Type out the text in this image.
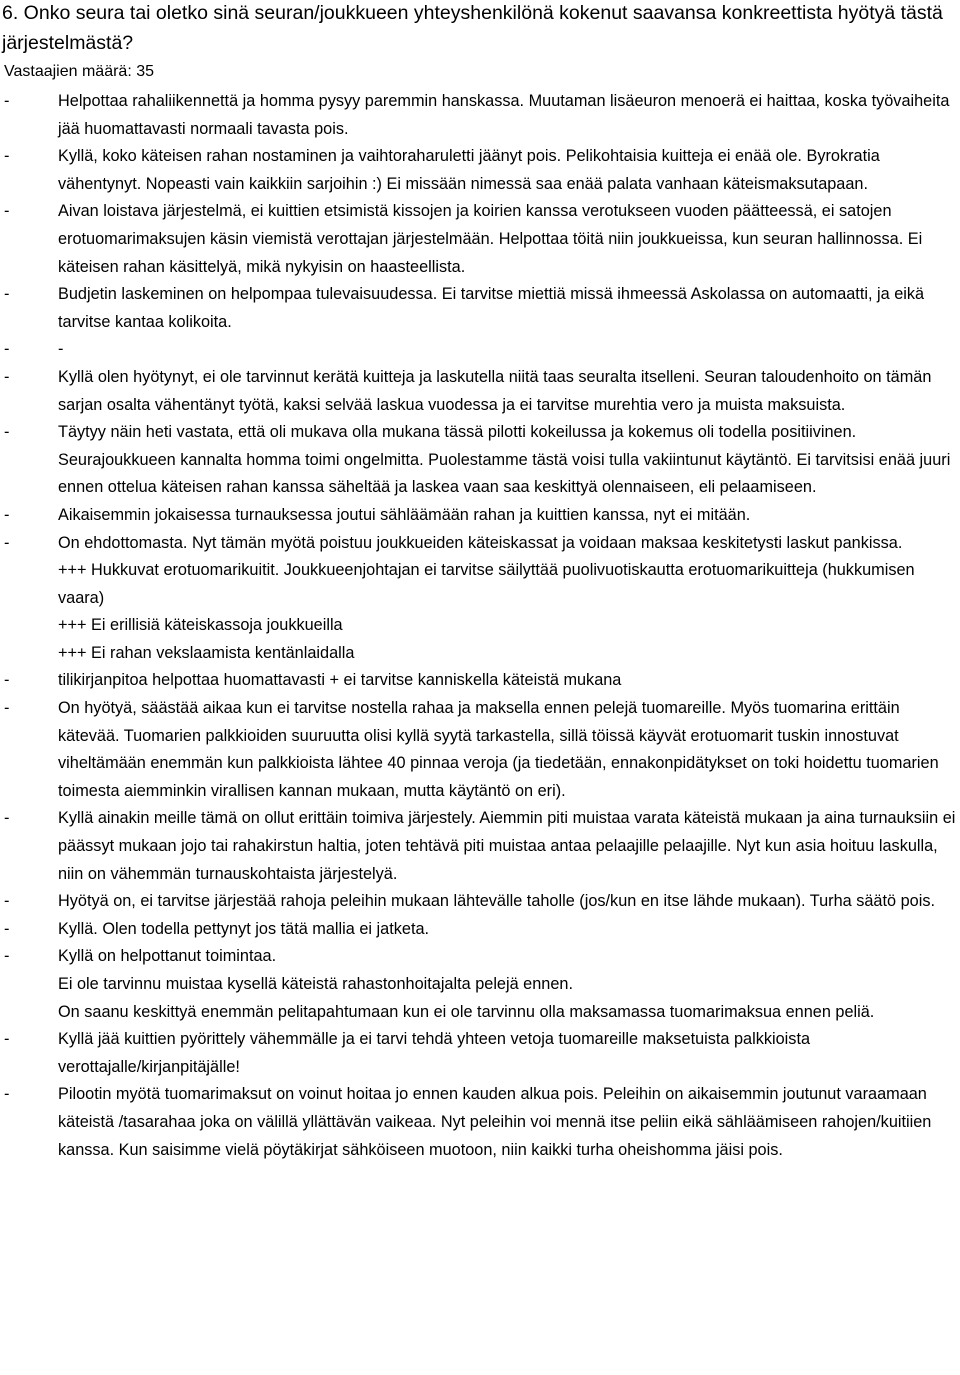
6. Onko seura tai oletko sinä seuran/joukkueen yhteyshenkilönä kokenut saavansa konkreettista hyötyä tästä järjestelmästä?
Vastaajien määrä: 35
-	Helpottaa rahaliikennettä ja homma pysyy paremmin hanskassa. Muutaman lisäeuron menoerä ei haittaa, koska työvaiheita jää huomattavasti normaali tavasta pois.

-	Kyllä, koko käteisen rahan nostaminen ja vaihtoraharuletti jäänyt pois. Pelikohtaisia kuitteja ei enää ole. Byrokratia vähentynyt. Nopeasti vain kaikkiin sarjoihin :) Ei missään nimessä saa enää palata vanhaan käteismaksutapaan.

-	Aivan loistava järjestelmä, ei kuittien etsimistä kissojen ja koirien kanssa verotukseen vuoden päätteessä, ei satojen erotuomarimaksujen käsin viemistä verottajan järjestelmään. Helpottaa töitä niin joukkueissa, kun seuran hallinnossa. Ei käteisen rahan käsittelyä, mikä nykyisin on haasteellista.

-	Budjetin laskeminen on helpompaa tulevaisuudessa. Ei tarvitse miettiä missä ihmeessä Askolassa on automaatti, ja eikä tarvitse kantaa kolikoita.

-	-

-	Kyllä olen hyötynyt, ei ole tarvinnut kerätä kuitteja ja laskutella niitä taas seuralta itselleni. Seuran taloudenhoito on tämän sarjan osalta vähentänyt työtä, kaksi selvää laskua vuodessa ja ei tarvitse murehtia vero ja muista maksuista.

-	Täytyy näin heti vastata, että oli mukava olla mukana tässä pilotti kokeilussa ja kokemus oli todella positiivinen. Seurajoukkueen kannalta homma toimi ongelmitta. Puolestamme tästä voisi tulla vakiintunut käytäntö. Ei tarvitsisi enää juuri ennen ottelua käteisen rahan kanssa säheltää ja laskea vaan saa keskittyä olennaiseen, eli pelaamiseen.

-	Aikaisemmin jokaisessa turnauksessa joutui sähläämään rahan ja kuittien kanssa, nyt ei mitään.

-	On ehdottomasta. Nyt tämän myötä poistuu joukkueiden käteiskassat ja voidaan maksaa keskitetysti laskut pankissa.

+++ Hukkuvat erotuomarikuitit. Joukkueenjohtajan ei tarvitse säilyttää puolivuotiskautta erotuomarikuitteja (hukkumisen vaara)

+++ Ei erillisiä käteiskassoja joukkueilla

+++ Ei rahan vekslaamista kentänlaidalla

-	tilikirjanpitoa helpottaa huomattavasti + ei tarvitse kanniskella käteistä mukana

-	On hyötyä, säästää aikaa kun ei tarvitse nostella rahaa ja maksella ennen pelejä tuomareille. Myös tuomarina erittäin kätevää. Tuomarien palkkioiden suuruutta olisi kyllä syytä tarkastella, sillä töissä käyvät erotuomarit tuskin innostuvat viheltämään enemmän kun palkkioista lähtee 40 pinnaa veroja (ja tiedetään, ennakonpidätykset on toki hoidettu tuomarien toimesta aiemminkin virallisen kannan mukaan, mutta käytäntö on eri).

-	Kyllä ainakin meille tämä on ollut erittäin toimiva järjestely. Aiemmin piti muistaa varata käteistä mukaan ja aina turnauksiin ei päässyt mukaan jojo tai rahakirstun haltia, joten tehtävä piti muistaa antaa pelaajille pelaajille. Nyt kun asia hoituu laskulla, niin on vähemmän turnauskohtaista järjestelyä.

-	Hyötyä on, ei tarvitse järjestää rahoja peleihin mukaan lähtevälle taholle (jos/kun en itse lähde mukaan). Turha säätö pois.

-	Kyllä. Olen todella pettynyt jos tätä mallia ei jatketa.

-	Kyllä on helpottanut toimintaa.

Ei ole tarvinnu muistaa kysellä käteistä rahastonhoitajalta pelejä ennen.

On saanu keskittyä enemmän pelitapahtumaan kun ei ole tarvinnu olla maksamassa tuomarimaksua ennen peliä.

-	Kyllä jää kuittien pyörittely vähemmälle ja ei tarvi tehdä yhteen vetoja tuomareille maksetuista palkkioista verottajalle/kirjanpitäjälle!

-	Pilootin myötä tuomarimaksut on voinut hoitaa jo ennen kauden alkua pois. Peleihin on aikaisemmin joutunut varaamaan käteistä /tasarahaa joka on välillä yllättävän vaikeaa. Nyt peleihin voi mennä itse peliin eikä sähläämiseen rahojen/kuitiien kanssa. Kun saisimme vielä pöytäkirjat sähköiseen muotoon, niin kaikki turha oheishomma jäisi pois.
